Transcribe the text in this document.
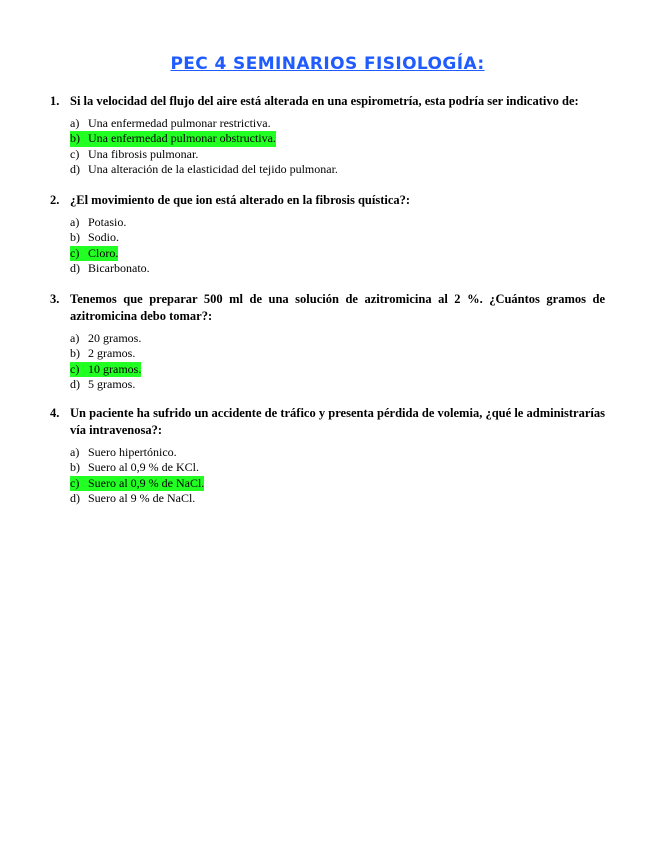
PEC 4 SEMINARIOS FISIOLOGÍA:
1. Si la velocidad del flujo del aire está alterada en una espirometría, esta podría ser indicativo de:
a) Una enfermedad pulmonar restrictiva.
b) Una enfermedad pulmonar obstructiva.
c) Una fibrosis pulmonar.
d) Una alteración de la elasticidad del tejido pulmonar.
2. ¿El movimiento de que ion está alterado en la fibrosis quística?:
a) Potasio.
b) Sodio.
c) Cloro.
d) Bicarbonato.
3. Tenemos que preparar 500 ml de una solución de azitromicina al 2 %. ¿Cuántos gramos de azitromicina debo tomar?:
a) 20 gramos.
b) 2 gramos.
c) 10 gramos.
d) 5 gramos.
4. Un paciente ha sufrido un accidente de tráfico y presenta pérdida de volemia, ¿qué le administrarías vía intravenosa?:
a) Suero hipertónico.
b) Suero al 0,9 % de KCl.
c) Suero al 0,9 % de NaCl.
d) Suero al 9 % de NaCl.
